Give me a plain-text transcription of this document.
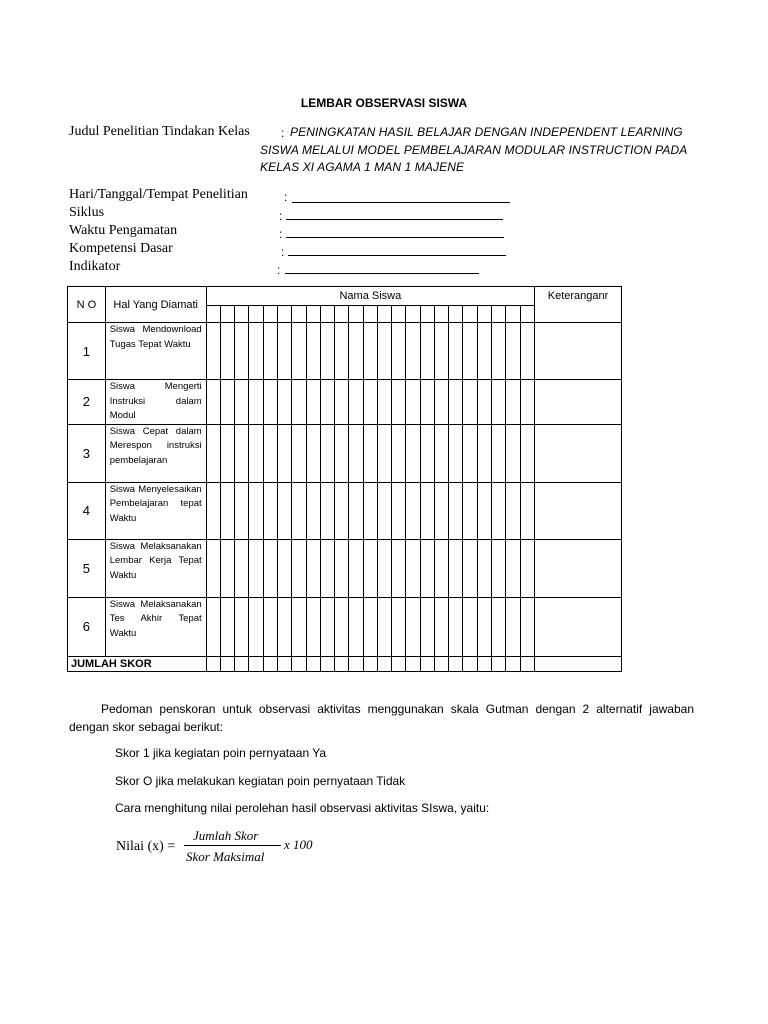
LEMBAR OBSERVASI SISWA
Judul Penelitian Tindakan Kelas	: PENINGKATAN HASIL BELAJAR DENGAN INDEPENDENT LEARNING
SISWA MELALUI MODEL PEMBELAJARAN MODULAR INSTRUCTION PADA
KELAS XI AGAMA 1 MAN 1 MAJENE
Hari/Tanggal/Tempat Penelitian	:
Siklus	:
Waktu Pengamatan	:
Kompetensi Dasar	:
Indikator	:
N O	Hal Yang Diamati	Nama Siswa																							Keteranganr

1	Siswa Mendownload Tugas Tepat Waktu																								
2	Siswa Mengerti Instruksi dalam Modul																								
3	Siswa Cepat dalam Merespon instruksi pembelajaran																								
4	Siswa Menyelesaikan Pembelajaran tepat Waktu																								
5	Siswa Melaksanakan Lembar Kerja Tepat Waktu																								
6	Siswa Melaksanakan Tes Akhir Tepat Waktu																								
JUMLAH SKOR																									
Pedoman penskoran untuk observasi aktivitas menggunakan skala Gutman dengan 2 alternatif jawaban dengan skor sebagai berikut:
Skor 1 jika kegiatan poin pernyataan Ya
Skor O jika melakukan kegiatan poin pernyataan Tidak
Cara menghitung nilai perolehan hasil observasi aktivitas SIswa, yaitu:
Nilai (x) =
Jumlah Skor
Skor Maksimal
x 100
